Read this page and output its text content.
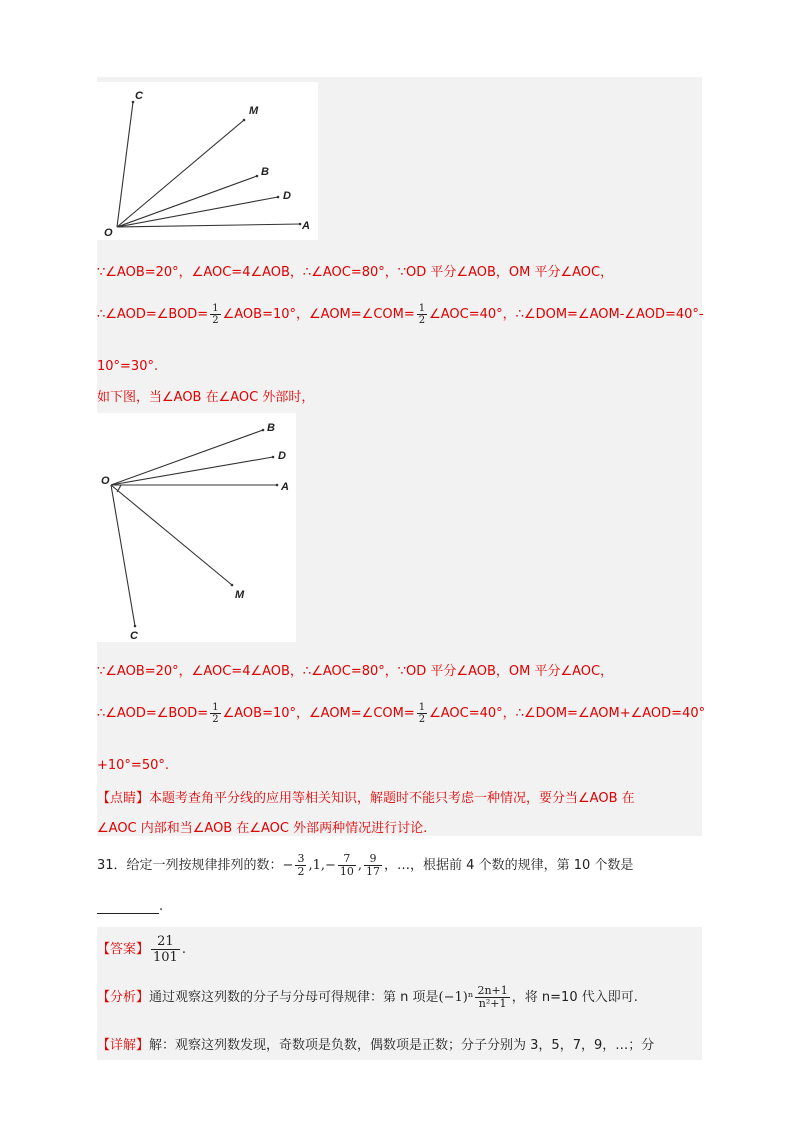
C
M
B
D
O
A
∵∠AOB=20°，∠AOC=4∠AOB，∴∠AOC=80°，∵OD 平分∠AOB，OM 平分∠AOC，
∴∠AOD=∠BOD= $\frac{1}{2}$ ∠AOB=10°，∠AOM=∠COM= $\frac{1}{2}$ ∠AOC=40°，∴∠DOM=∠AOM-∠AOD=40°-
10°=30°.
如下图，当∠AOB 在∠AOC 外部时，
B
D
O	A
M
C
∵∠AOB=20°，∠AOC=4∠AOB，∴∠AOC=80°，∵OD 平分∠AOB，OM 平分∠AOC，
∴∠AOD=∠BOD= $\frac{1}{2}$ ∠AOB=10°，∠AOM=∠COM= $\frac{1}{2}$ ∠AOC=40°，∴∠DOM=∠AOM+∠AOD=40°
+10°=50°.
【点睛】本题考查角平分线的应用等相关知识，解题时不能只考虑一种情况，要分当∠AOB 在
∠AOC 内部和当∠AOB 在∠AOC 外部两种情况进行讨论.
31．给定一列按规律排列的数：− $\frac{3}{2} ,1,- \frac{7}{10}$ , $\frac{9}{17}$ ，…，根据前 4 个数的规律，第 10 个数是
.
【答案】 $\frac{21}{101}$ .
【分析】通过观察这列数的分子与分母可得规律：第 n 项是$(-1)^n \frac{2n+1}{\text{n²+1}}$ ，将 n=10 代入即可.
【详解】解：观察这列数发现，奇数项是负数，偶数项是正数；分子分别为 3，5，7，9，…；分
